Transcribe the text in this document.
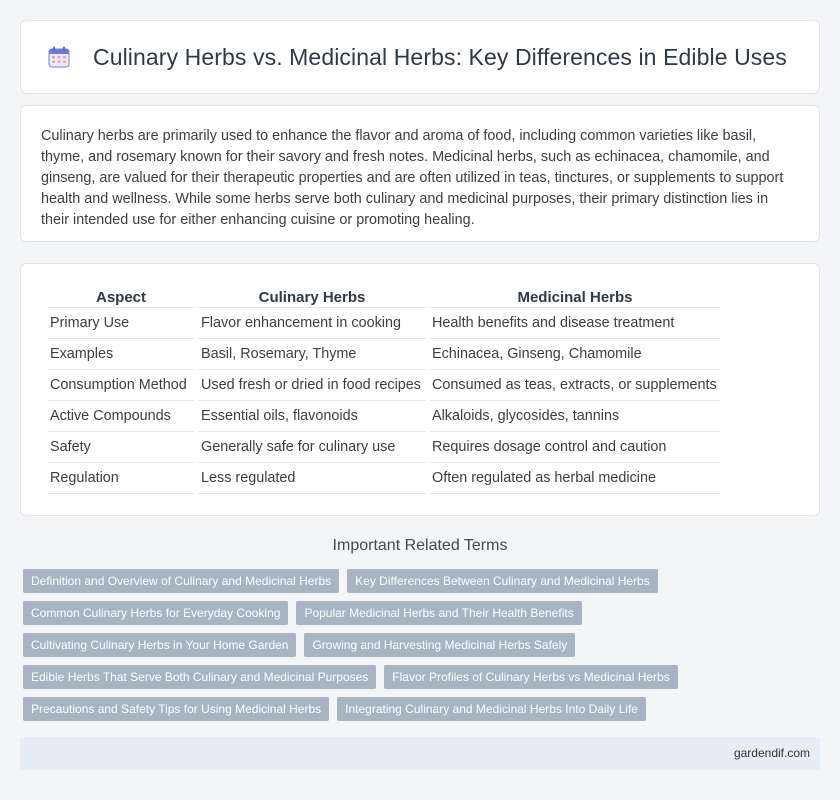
Culinary Herbs vs. Medicinal Herbs: Key Differences in Edible Uses

Culinary herbs are primarily used to enhance the flavor and aroma of food, including common varieties like basil, thyme, and rosemary known for their savory and fresh notes. Medicinal herbs, such as echinacea, chamomile, and ginseng, are valued for their therapeutic properties and are often utilized in teas, tinctures, or supplements to support health and wellness. While some herbs serve both culinary and medicinal purposes, their primary distinction lies in their intended use for either enhancing cuisine or promoting healing.

Aspect	Culinary Herbs	Medicinal Herbs
Primary Use	Flavor enhancement in cooking	Health benefits and disease treatment
Examples	Basil, Rosemary, Thyme	Echinacea, Ginseng, Chamomile
Consumption Method	Used fresh or dried in food recipes	Consumed as teas, extracts, or supplements
Active Compounds	Essential oils, flavonoids	Alkaloids, glycosides, tannins
Safety	Generally safe for culinary use	Requires dosage control and caution
Regulation	Less regulated	Often regulated as herbal medicine
Important Related Terms
Definition and Overview of Culinary and Medicinal Herbs	Key Differences Between Culinary and Medicinal Herbs
Common Culinary Herbs for Everyday Cooking	Popular Medicinal Herbs and Their Health Benefits
Cultivating Culinary Herbs in Your Home Garden	Growing and Harvesting Medicinal Herbs Safely
Edible Herbs That Serve Both Culinary and Medicinal Purposes	Flavor Profiles of Culinary Herbs vs Medicinal Herbs
Precautions and Safety Tips for Using Medicinal Herbs	Integrating Culinary and Medicinal Herbs Into Daily Life
gardendif.com
